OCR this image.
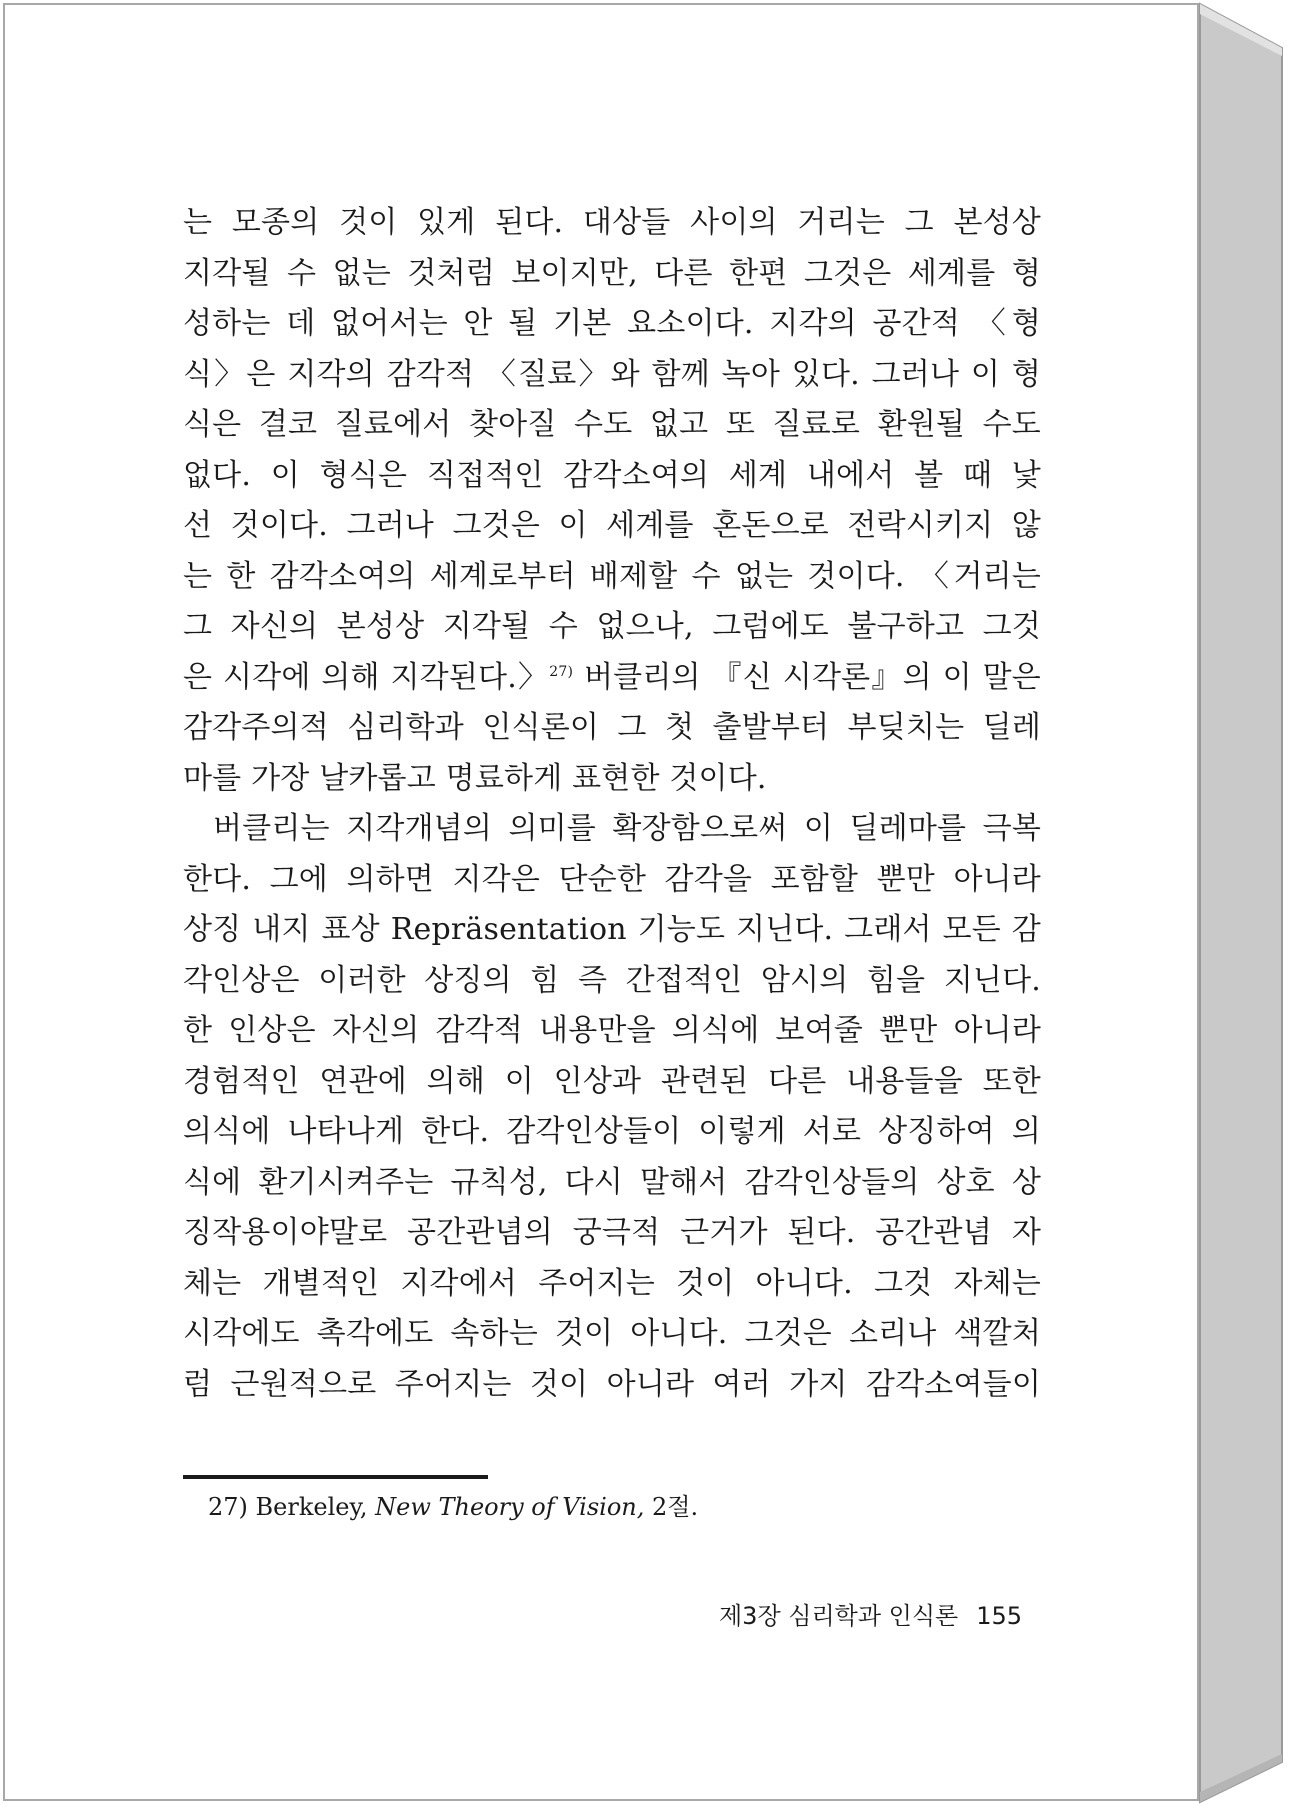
는 모종의 것이 있게 된다. 대상들 사이의 거리는 그 본성상
지각될 수 없는 것처럼 보이지만, 다른 한편 그것은 세계를 형
성하는 데 없어서는 안 될 기본 요소이다. 지각의 공간적 〈형
식〉은 지각의 감각적 〈질료〉와 함께 녹아 있다. 그러나 이 형
식은 결코 질료에서 찾아질 수도 없고 또 질료로 환원될 수도
없다. 이 형식은 직접적인 감각소여의 세계 내에서 볼 때 낯
선 것이다. 그러나 그것은 이 세계를 혼돈으로 전락시키지 않
는 한 감각소여의 세계로부터 배제할 수 없는 것이다. 〈거리는
그 자신의 본성상 지각될 수 없으나, 그럼에도 불구하고 그것
은 시각에 의해 지각된다.〉$^{27)}$ 버클리의 『신 시각론』의 이 말은
감각주의적 심리학과 인식론이 그 첫 출발부터 부딪치는 딜레
마를 가장 날카롭고 명료하게 표현한 것이다.

버클리는 지각개념의 의미를 확장함으로써 이 딜레마를 극복
한다. 그에 의하면 지각은 단순한 감각을 포함할 뿐만 아니라
상징 내지 표상 Repräsentation 기능도 지닌다. 그래서 모든 감
각인상은 이러한 상징의 힘 즉 간접적인 암시의 힘을 지닌다.
한 인상은 자신의 감각적 내용만을 의식에 보여줄 뿐만 아니라
경험적인 연관에 의해 이 인상과 관련된 다른 내용들을 또한
의식에 나타나게 한다. 감각인상들이 이렇게 서로 상징하여 의
식에 환기시켜주는 규칙성, 다시 말해서 감각인상들의 상호 상
징작용이야말로 공간관념의 궁극적 근거가 된다. 공간관념 자
체는 개별적인 지각에서 주어지는 것이 아니다. 그것 자체는
시각에도 촉각에도 속하는 것이 아니다. 그것은 소리나 색깔처
럼 근원적으로 주어지는 것이 아니라 여러 가지 감각소여들이

27) Berkeley, New Theory of Vision, 2절.
제3장 심리학과 인식론 155
